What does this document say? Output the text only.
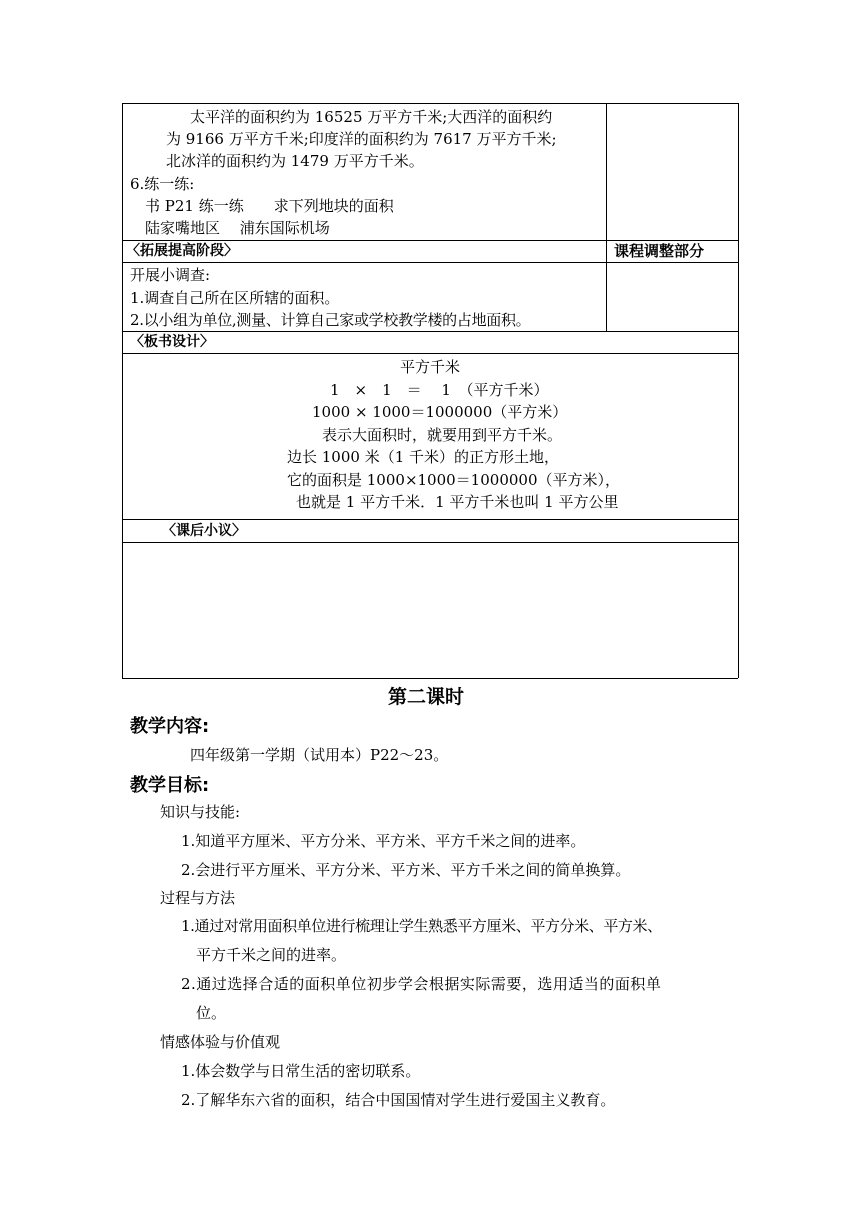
太平洋的面积约为 16525 万平方千米;大西洋的面积约
为 9166 万平方千米;印度洋的面积约为 7617 万平方千米;
北冰洋的面积约为 1479 万平方千米。
6.练一练:
书 P21 练一练　　求下列地块的面积
陆家嘴地区　 浦东国际机场
〈拓展提高阶段〉	课程调整部分
开展小调查:
1.调查自己所在区所辖的面积。
2.以小组为单位,测量、计算自己家或学校教学楼的占地面积。
〈板书设计〉
平方千米
1　×　1　＝　 1　（平方千米）
1000 × 1000＝1000000（平方米）
表示大面积时，就要用到平方千米。
边长 1000 米（1 千米）的正方形土地，
它的面积是 1000×1000＝1000000（平方米），
也就是 1 平方千米．1 平方千米也叫 1 平方公里
〈课后小议〉
第二课时
教学内容:
四年级第一学期（试用本）P22～23。
教学目标:
知识与技能:
1.知道平方厘米、平方分米、平方米、平方千米之间的进率。
2.会进行平方厘米、平方分米、平方米、平方千米之间的简单换算。
过程与方法
1.通过对常用面积单位进行梳理让学生熟悉平方厘米、平方分米、平方米、
平方千米之间的进率。
2.通过选择合适的面积单位初步学会根据实际需要，选用适当的面积单
位。
情感体验与价值观
1.体会数学与日常生活的密切联系。
2.了解华东六省的面积，结合中国国情对学生进行爱国主义教育。
